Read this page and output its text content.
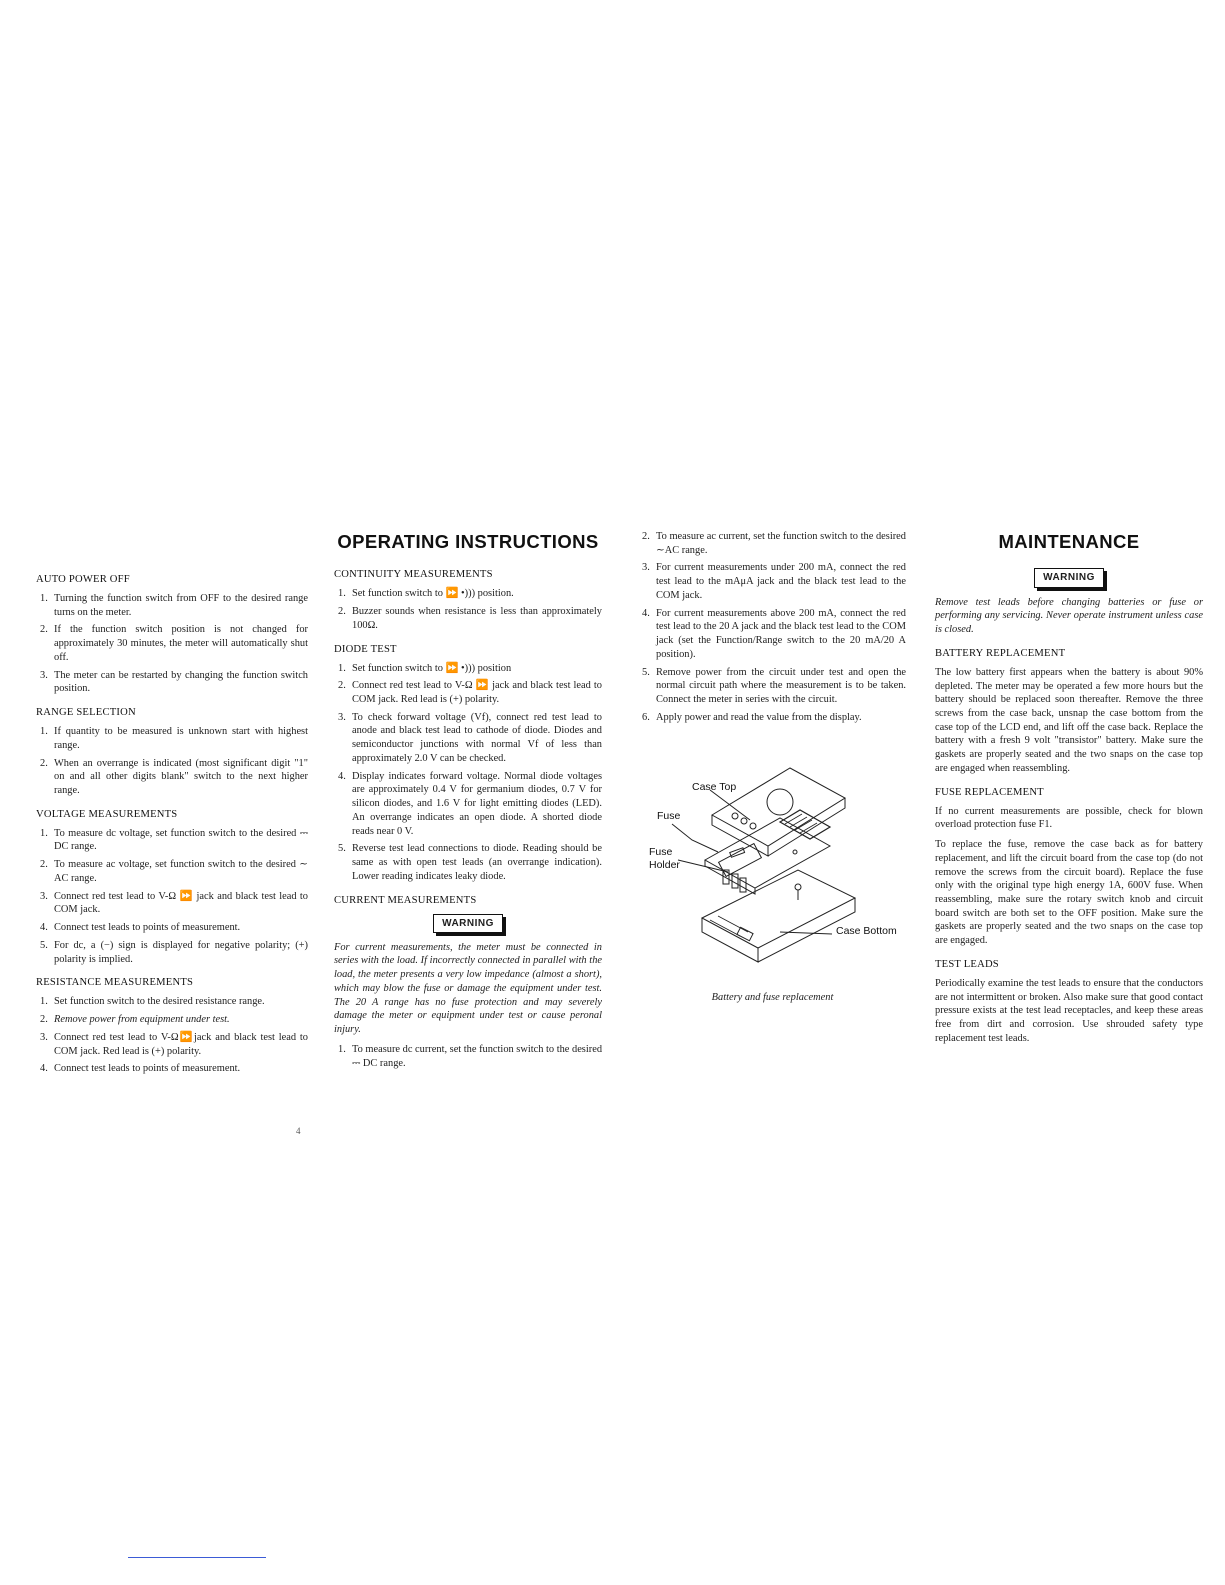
AUTO POWER OFF
1. Turning the function switch from OFF to the desired range turns on the meter.
2. If the function switch position is not changed for approximately 30 minutes, the meter will automatically shut off.
3. The meter can be restarted by changing the function switch position.
RANGE SELECTION
1. If quantity to be measured is unknown start with highest range.
2. When an overrange is indicated (most significant digit "1" on and all other digits blank" switch to the next higher range.
VOLTAGE MEASUREMENTS
1. To measure dc voltage, set function switch to the desired ⎓ DC range.
2. To measure ac voltage, set function switch to the desired ∼ AC range.
3. Connect red test lead to V-Ω ⏩ jack and black test lead to COM jack.
4. Connect test leads to points of measurement.
5. For dc, a (−) sign is displayed for negative polarity; (+) polarity is implied.
RESISTANCE MEASUREMENTS
1. Set function switch to the desired resistance range.
2. Remove power from equipment under test.
3. Connect red test lead to V-Ω⏩jack and black test lead to COM jack. Red lead is (+) polarity.
4. Connect test leads to points of measurement.
OPERATING INSTRUCTIONS
CONTINUITY MEASUREMENTS
1. Set function switch to ⏩ •))) position.
2. Buzzer sounds when resistance is less than approximately 100Ω.
DIODE TEST
1. Set function switch to ⏩ •))) position
2. Connect red test lead to V-Ω ⏩ jack and black test lead to COM jack. Red lead is (+) polarity.
3. To check forward voltage (Vf), connect red test lead to anode and black test lead to cathode of diode. Diodes and semiconductor junctions with normal Vf of less than approximately 2.0 V can be checked.
4. Display indicates forward voltage. Normal diode voltages are approximately 0.4 V for germanium diodes, 0.7 V for silicon diodes, and 1.6 V for light emitting diodes (LED). An overrange indicates an open diode. A shorted diode reads near 0 V.
5. Reverse test lead connections to diode. Reading should be same as with open test leads (an overrange indication). Lower reading indicates leaky diode.
CURRENT MEASUREMENTS
WARNING

For current measurements, the meter must be connected in series with the load. If incorrectly connected in parallel with the load, the meter presents a very low impedance (almost a short), which may blow the fuse or damage the equipment under test. The 20 A range has no fuse protection and may severely damage the meter or equipment under test or cause peronal injury.

1. To measure dc current, set the function switch to the desired ⎓ DC range.
2. To measure ac current, set the function switch to the desired ∼AC range.
3. For current measurements under 200 mA, connect the red test lead to the mAμA jack and the black test lead to the COM jack.
4. For current measurements above 200 mA, connect the red test lead to the 20 A jack and the black test lead to the COM jack (set the Function/Range switch to the 20 mA/20 A position).
5. Remove power from the circuit under test and open the normal circuit path where the measurement is to be taken. Connect the meter in series with the circuit.
6. Apply power and read the value from the display.
Case Top
Fuse
Fuse
Holder
Case Bottom
Battery and fuse replacement
MAINTENANCE
WARNING

Remove test leads before changing batteries or fuse or performing any servicing. Never operate instrument unless case is closed.

BATTERY REPLACEMENT

The low battery first appears when the battery is about 90% depleted. The meter may be operated a few more hours but the battery should be replaced soon thereafter. Remove the three screws from the case back, unsnap the case bottom from the case top of the LCD end, and lift off the case back. Replace the battery with a fresh 9 volt "transistor" battery. Make sure the gaskets are properly seated and the two snaps on the case top are engaged when reassembling.

FUSE REPLACEMENT

If no current measurements are possible, check for blown overload protection fuse F1.

To replace the fuse, remove the case back as for battery replacement, and lift the circuit board from the case top (do not remove the screws from the circuit board). Replace the fuse only with the original type high energy 1A, 600V fuse. When reassembling, make sure the rotary switch knob and circuit board switch are both set to the OFF position. Make sure the gaskets are properly seated and the two snaps on the case top are engaged.

TEST LEADS

Periodically examine the test leads to ensure that the conductors are not intermittent or broken. Also make sure that good contact pressure exists at the test lead receptacles, and keep these areas free from dirt and corrosion. Use shrouded safety type replacement test leads.

4
